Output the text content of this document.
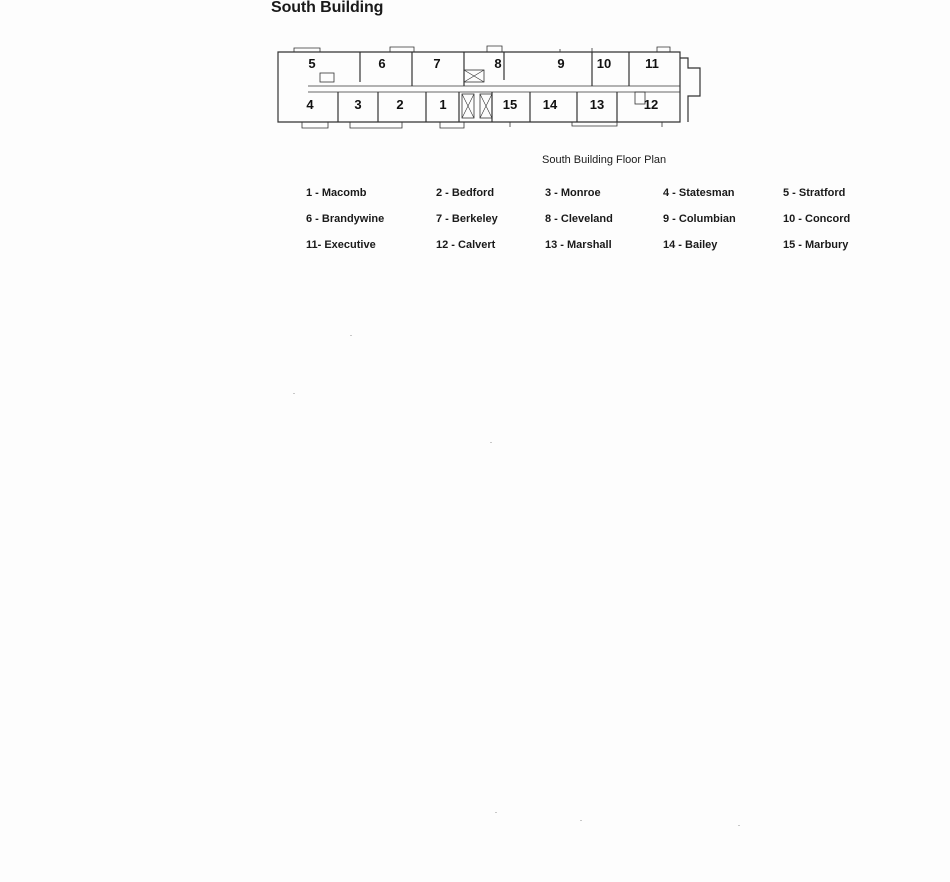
South Building
5	6	7	8	9 10	11
4	3	2	1	15 14	13	12
South Building Floor Plan
1 - Macomb	2 - Bedford	3 - Monroe	4 - Statesman	5 - Stratford
6 - Brandywine	7 - Berkeley	8 - Cleveland	9 - Columbian	10 - Concord
11- Executive	12 - Calvert	13 - Marshall	14 - Bailey	15 - Marbury
